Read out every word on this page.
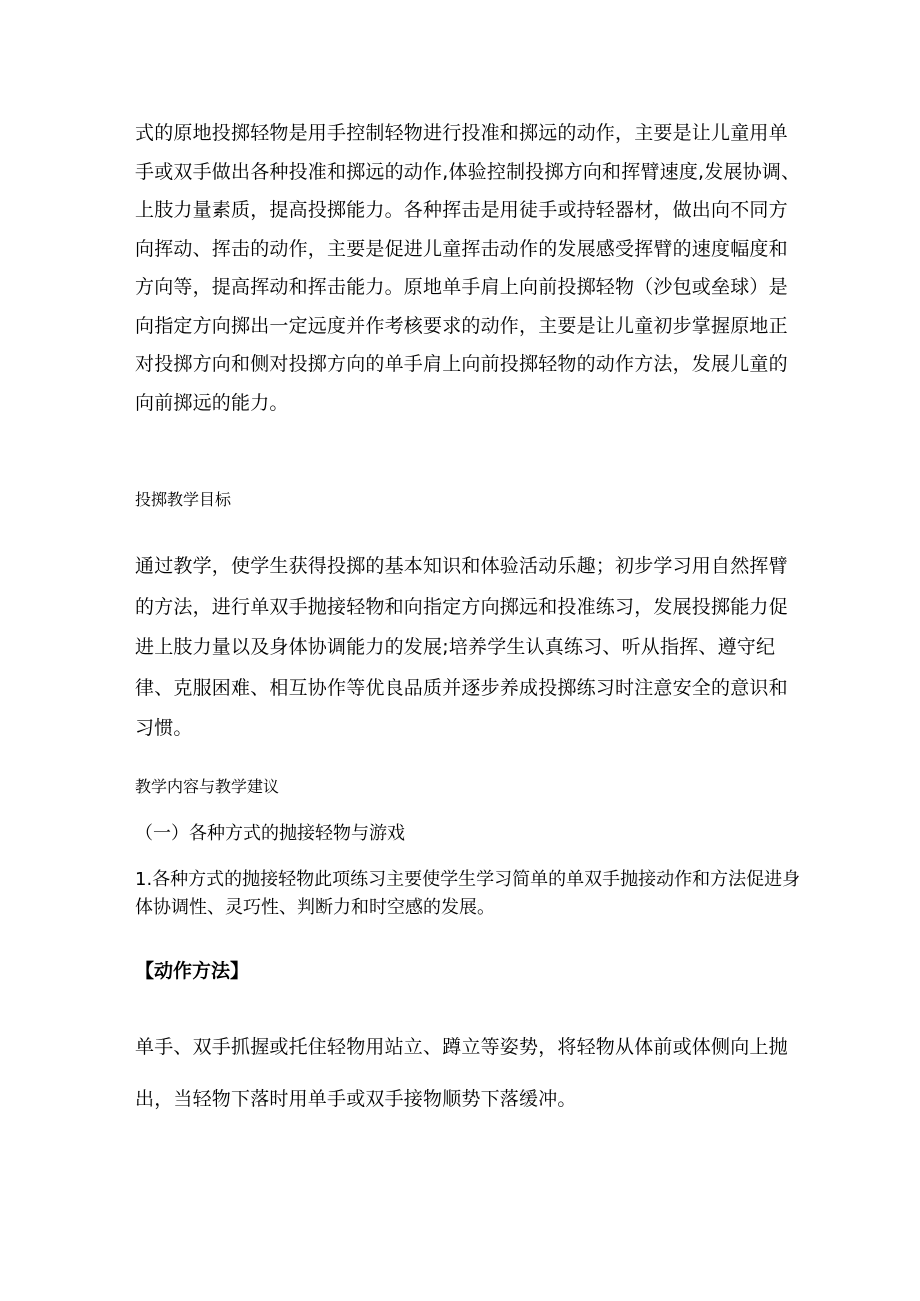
式的原地投掷轻物是用手控制轻物进行投准和掷远的动作，主要是让儿童用单手或双手做出各种投准和掷远的动作,体验控制投掷方向和挥臂速度,发展协调、上肢力量素质，提高投掷能力。各种挥击是用徒手或持轻器材，做出向不同方向挥动、挥击的动作，主要是促进儿童挥击动作的发展感受挥臂的速度幅度和方向等，提高挥动和挥击能力。原地单手肩上向前投掷轻物（沙包或垒球）是向指定方向掷出一定远度并作考核要求的动作，主要是让儿童初步掌握原地正对投掷方向和侧对投掷方向的单手肩上向前投掷轻物的动作方法，发展儿童的向前掷远的能力。

投掷教学目标

通过教学，使学生获得投掷的基本知识和体验活动乐趣；初步学习用自然挥臂的方法，进行单双手抛接轻物和向指定方向掷远和投准练习，发展投掷能力促进上肢力量以及身体协调能力的发展;培养学生认真练习、听从指挥、遵守纪律、克服困难、相互协作等优良品质并逐步养成投掷练习时注意安全的意识和习惯。

教学内容与教学建议
（一）各种方式的抛接轻物与游戏

1.各种方式的抛接轻物此项练习主要使学生学习简单的单双手抛接动作和方法促进身体协调性、灵巧性、判断力和时空感的发展。

【动作方法】

单手、双手抓握或托住轻物用站立、蹲立等姿势，将轻物从体前或体侧向上抛出，当轻物下落时用单手或双手接物顺势下落缓冲。
